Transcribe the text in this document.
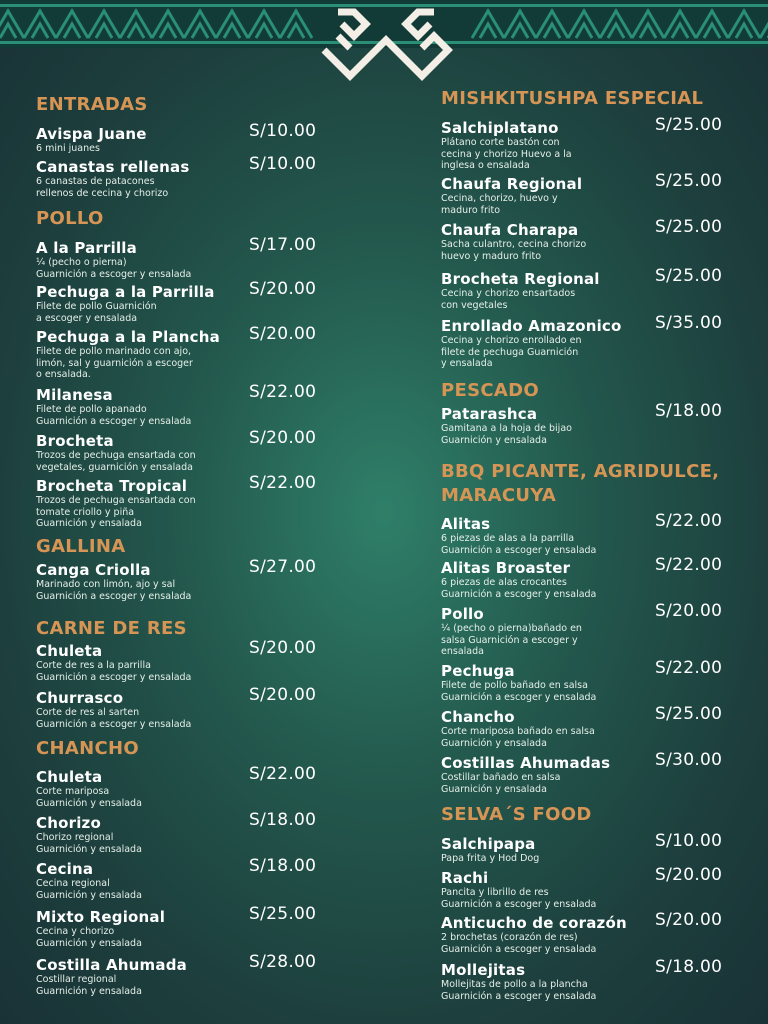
ENTRADAS
Avispa Juane
6 mini juanes
S/10.00
Canastas rellenas
6 canastas de patacones
rellenos de cecina y chorizo
S/10.00
POLLO
A la Parrilla
¼ (pecho o pierna)
Guarnición a escoger y ensalada
S/17.00
Pechuga a la Parrilla
Filete de pollo Guarnición
a escoger y ensalada
S/20.00
Pechuga a la Plancha
Filete de pollo marinado con ajo,
limón, sal y guarnición a escoger
o ensalada.
S/20.00
Milanesa
Filete de pollo apanado
Guarnición a escoger y ensalada
S/22.00
Brocheta
Trozos de pechuga ensartada con
vegetales, guarnición y ensalada
S/20.00
Brocheta Tropical
Trozos de pechuga ensartada con
tomate criollo y piña
Guarnición y ensalada
S/22.00
GALLINA
Canga Criolla
Marinado con limón, ajo y sal
Guarnición a escoger y ensalada
S/27.00
CARNE DE RES
Chuleta
Corte de res a la parrilla
Guarnición a escoger y ensalada
S/20.00
Churrasco
Corte de res al sarten
Guarnición a escoger y ensalada
S/20.00
CHANCHO
Chuleta
Corte mariposa
Guarnición y ensalada
S/22.00
Chorizo
Chorizo regional
Guarnición y ensalada
S/18.00
Cecina
Cecina regional
Guarnición y ensalada
S/18.00
Mixto Regional
Cecina y chorizo
Guarnición y ensalada
S/25.00
Costilla Ahumada
Costillar regional
Guarnición y ensalada
S/28.00
MISHKITUSHPA ESPECIAL
Salchiplatano
Plátano corte bastón con
cecina y chorizo Huevo a la
inglesa o ensalada
S/25.00
Chaufa Regional
Cecina, chorizo, huevo y
maduro frito
S/25.00
Chaufa Charapa
Sacha culantro, cecina chorizo
huevo y maduro frito
S/25.00
Brocheta Regional
Cecina y chorizo ensartados
con vegetales
S/25.00
Enrollado Amazonico
Cecina y chorizo enrollado en
filete de pechuga Guarnición
y ensalada
S/35.00
PESCADO
Patarashca
Gamitana a la hoja de bijao
Guarnición y ensalada
S/18.00
BBQ PICANTE, AGRIDULCE, MARACUYA
Alitas
6 piezas de alas a la parrilla
Guarnición a escoger y ensalada
S/22.00
Alitas Broaster
6 piezas de alas crocantes
Guarnición a escoger y ensalada
S/22.00
Pollo
¼ (pecho o pierna)bañado en
salsa Guarnición a escoger y
ensalada
S/20.00
Pechuga
Filete de pollo bañado en salsa
Guarnición a escoger y ensalada
S/22.00
Chancho
Corte mariposa bañado en salsa
Guarnición y ensalada
S/25.00
Costillas Ahumadas
Costillar bañado en salsa
Guarnición y ensalada
S/30.00
SELVA´S FOOD
Salchipapa
Papa frita y Hod Dog
S/10.00
Rachi
Pancita y librillo de res
Guarnición a escoger y ensalada
S/20.00
Anticucho de corazón
2 brochetas (corazón de res)
Guarnición a escoger y ensalada
S/20.00
Mollejitas
Mollejitas de pollo a la plancha
Guarnición a escoger y ensalada
S/18.00
